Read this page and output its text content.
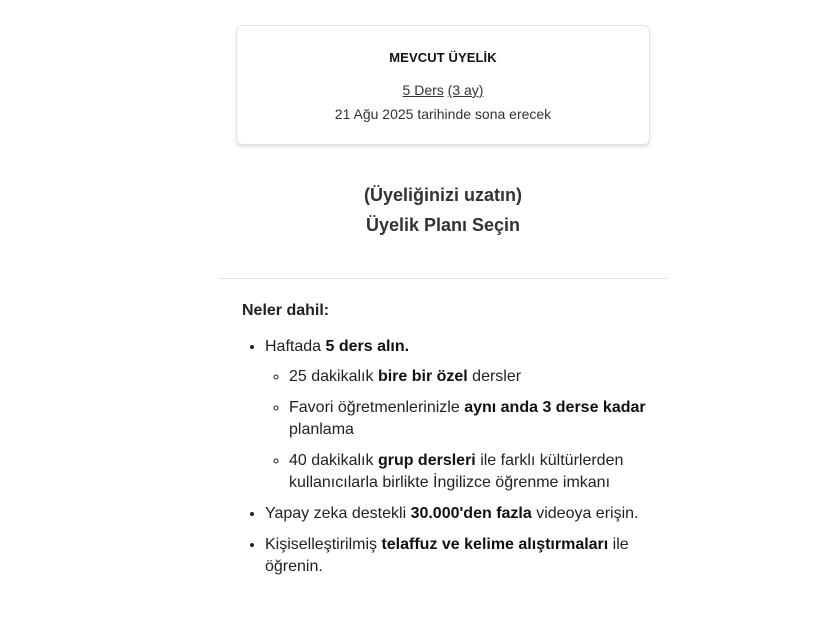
MEVCUT ÜYELİK
5 Ders (3 ay)
21 Ağu 2025 tarihinde sona erecek
(Üyeliğinizi uzatın)
Üyelik Planı Seçin
Neler dahil:
• Haftada 5 ders alın.
◦ 25 dakikalık bire bir özel dersler
◦ Favori öğretmenlerinizle aynı anda 3 derse kadar planlama
◦ 40 dakikalık grup dersleri ile farklı kültürlerden kullanıcılarla birlikte İngilizce öğrenme imkanı
• Yapay zeka destekli 30.000'den fazla videoya erişin.
• Kişiselleştirilmiş telaffuz ve kelime alıştırmaları ile öğrenin.
